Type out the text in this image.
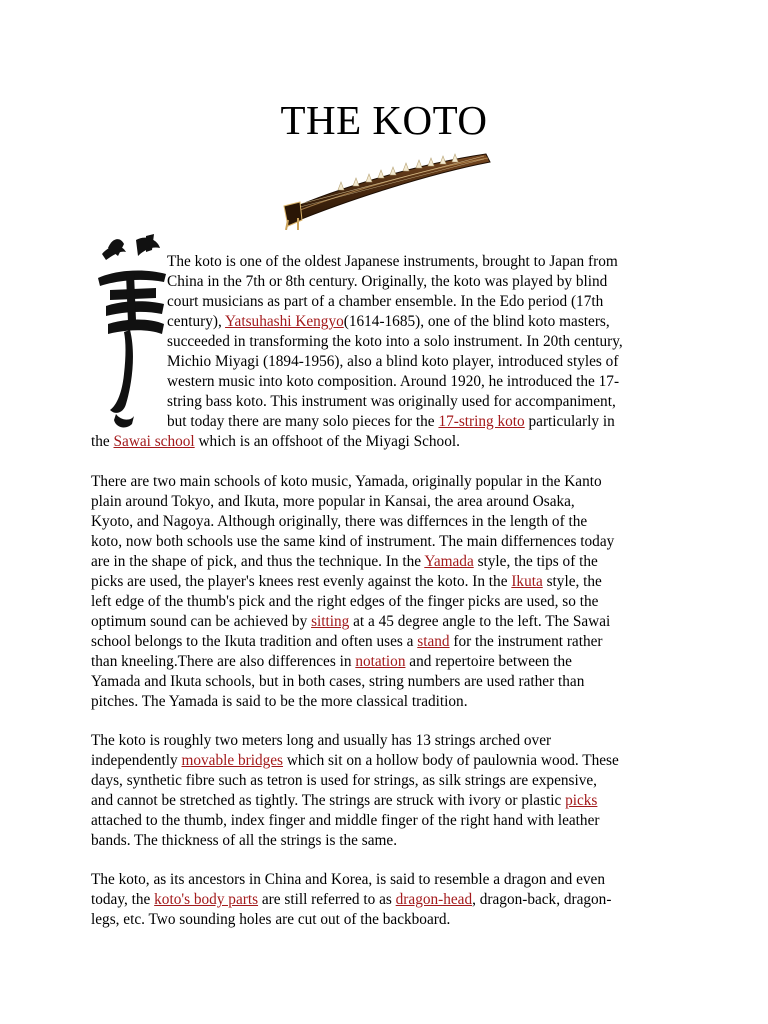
THE KOTO

The koto is one of the oldest Japanese instruments, brought to Japan from
China in the 7th or 8th century. Originally, the koto was played by blind
court musicians as part of a chamber ensemble. In the Edo period (17th
century), Yatsuhashi Kengyo(1614-1685), one of the blind koto masters,
succeeded in transforming the koto into a solo instrument. In 20th century,
Michio Miyagi (1894-1956), also a blind koto player, introduced styles of
western music into koto composition. Around 1920, he introduced the 17-
string bass koto. This instrument was originally used for accompaniment,
but today there are many solo pieces for the 17-string koto particularly in
the Sawai school which is an offshoot of the Miyagi School.

There are two main schools of koto music, Yamada, originally popular in the Kanto
plain around Tokyo, and Ikuta, more popular in Kansai, the area around Osaka,
Kyoto, and Nagoya. Although originally, there was differnces in the length of the
koto, now both schools use the same kind of instrument. The main differnences today
are in the shape of pick, and thus the technique. In the Yamada style, the tips of the
picks are used, the player's knees rest evenly against the koto. In the Ikuta style, the
left edge of the thumb's pick and the right edges of the finger picks are used, so the
optimum sound can be achieved by sitting at a 45 degree angle to the left. The Sawai
school belongs to the Ikuta tradition and often uses a stand for the instrument rather
than kneeling.There are also differences in notation and repertoire between the
Yamada and Ikuta schools, but in both cases, string numbers are used rather than
pitches. The Yamada is said to be the more classical tradition.

The koto is roughly two meters long and usually has 13 strings arched over
independently movable bridges which sit on a hollow body of paulownia wood. These
days, synthetic fibre such as tetron is used for strings, as silk strings are expensive,
and cannot be stretched as tightly. The strings are struck with ivory or plastic picks
attached to the thumb, index finger and middle finger of the right hand with leather
bands. The thickness of all the strings is the same.

The koto, as its ancestors in China and Korea, is said to resemble a dragon and even
today, the koto's body parts are still referred to as dragon-head, dragon-back, dragon-
legs, etc. Two sounding holes are cut out of the backboard.
